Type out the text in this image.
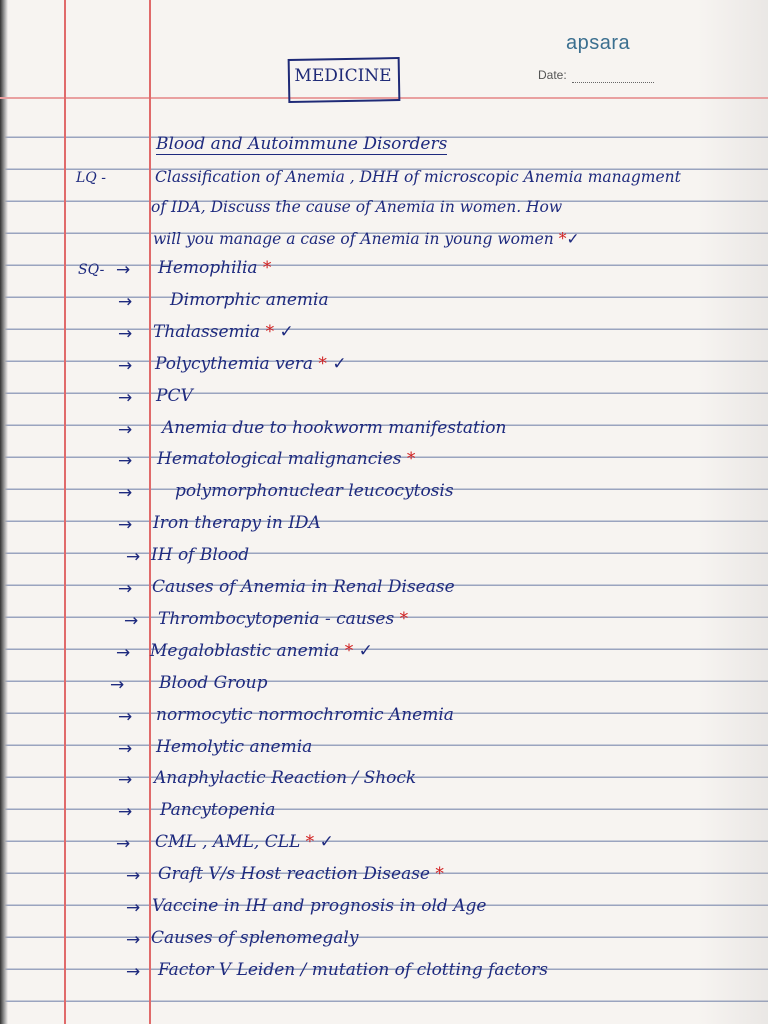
apsara
Date:
MEDICINE
Blood and Autoimmune Disorders
LQ -	Classification of Anemia , DHH of microscopic Anemia managment
of IDA, Discuss the cause of Anemia in women. How
will you manage a case of Anemia in young women *✓
SQ- → Hemophilia *
→ Dimorphic anemia
→ Thalassemia * ✓
→ Polycythemia vera * ✓
→ PCV
→ Anemia due to hookworm manifestation
→ Hematological malignancies *
→	polymorphonuclear leucocytosis
→ Iron therapy in IDA
→ IH of Blood
→ Causes of Anemia in Renal Disease
→ Thrombocytopenia - causes *
→ Megaloblastic anemia * ✓
→ Blood Group
→ normocytic normochromic Anemia
→ Hemolytic anemia
→ Anaphylactic Reaction / Shock
→ Pancytopenia
→ CML , AML, CLL * ✓
→ Graft V/s Host reaction Disease *
→ Vaccine in IH and prognosis in old Age
→ Causes of splenomegaly
→ Factor V Leiden / mutation of clotting factors
